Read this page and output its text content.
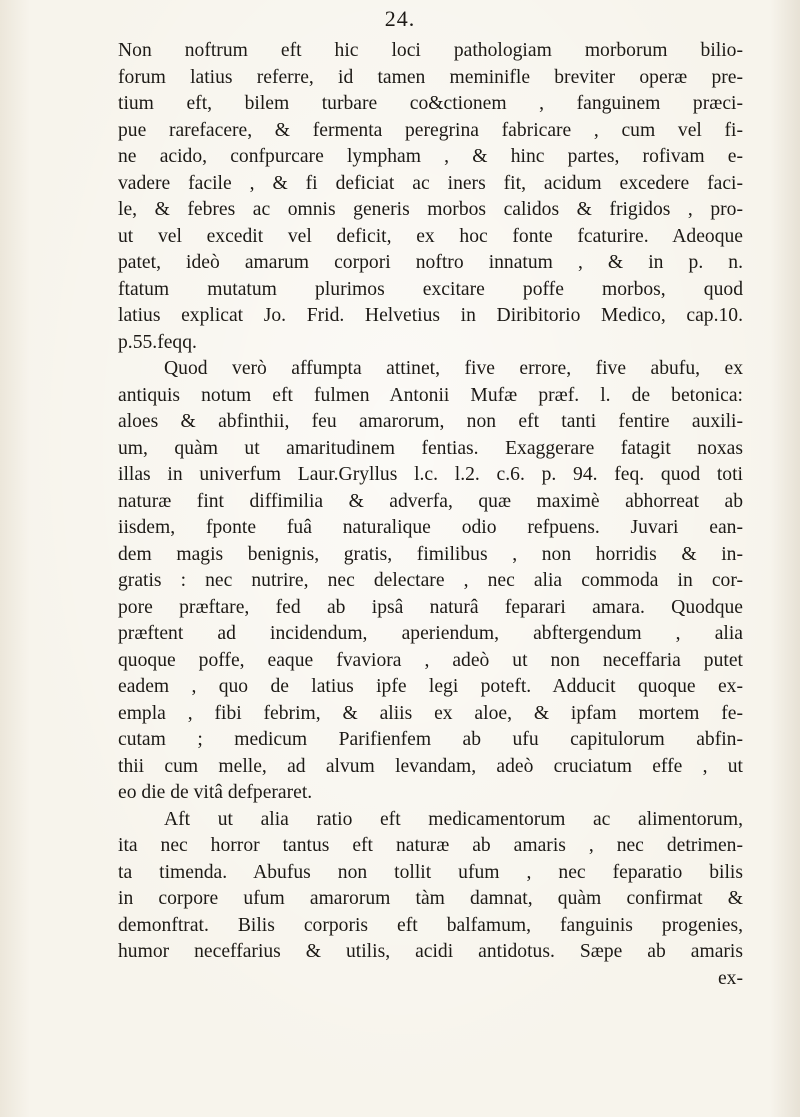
24.
Non noftrum eft hic loci pathologiam morborum bilio-
forum latius referre, id tamen meminifle breviter operæ pre-
tium eft, bilem turbare co&ctionem , fanguinem præci-
pue rarefacere, & fermenta peregrina fabricare , cum vel fi-
ne acido, confpurcare lympham , & hinc partes, rofivam e-
vadere facile , & fi deficiat ac iners fit, acidum excedere faci-
le, & febres ac omnis generis morbos calidos & frigidos , pro-
ut vel excedit vel deficit, ex hoc fonte fcaturire. Adeoque
patet, ideò amarum corpori noftro innatum , & in p. n.
ftatum mutatum plurimos excitare poffe morbos, quod
latius explicat Jo. Frid. Helvetius in Diribitorio Medico, cap.10.
p.55.feqq.
Quod verò affumpta attinet, five errore, five abufu, ex
antiquis notum eft fulmen Antonii Mufæ præf. l. de betonica:
aloes & abfinthii, feu amarorum, non eft tanti fentire auxili-
um, quàm ut amaritudinem fentias. Exaggerare fatagit noxas
illas in univerfum Laur.Gryllus l.c. l.2. c.6. p. 94. feq. quod toti
naturæ fint diffimilia & adverfa, quæ maximè abhorreat ab
iisdem, fponte fuâ naturalique odio refpuens. Juvari ean-
dem magis benignis, gratis, fimilibus , non horridis & in-
gratis : nec nutrire, nec delectare , nec alia commoda in cor-
pore præftare, fed ab ipsâ naturâ feparari amara. Quodque
præftent ad incidendum, aperiendum, abftergendum , alia
quoque poffe, eaque fvaviora , adeò ut non neceffaria putet
eadem , quo de latius ipfe legi poteft. Adducit quoque ex-
empla , fibi febrim, & aliis ex aloe, & ipfam mortem fe-
cutam ; medicum Parifienfem ab ufu capitulorum abfin-
thii cum melle, ad alvum levandam, adeò cruciatum effe , ut
eo die de vitâ defperaret.
Aft ut alia ratio eft medicamentorum ac alimentorum,
ita nec horror tantus eft naturæ ab amaris , nec detrimen-
ta timenda. Abufus non tollit ufum , nec feparatio bilis
in corpore ufum amarorum tàm damnat, quàm confirmat &
demonftrat. Bilis corporis eft balfamum, fanguinis progenies,
humor neceffarius & utilis, acidi antidotus. Sæpe ab amaris
ex-
